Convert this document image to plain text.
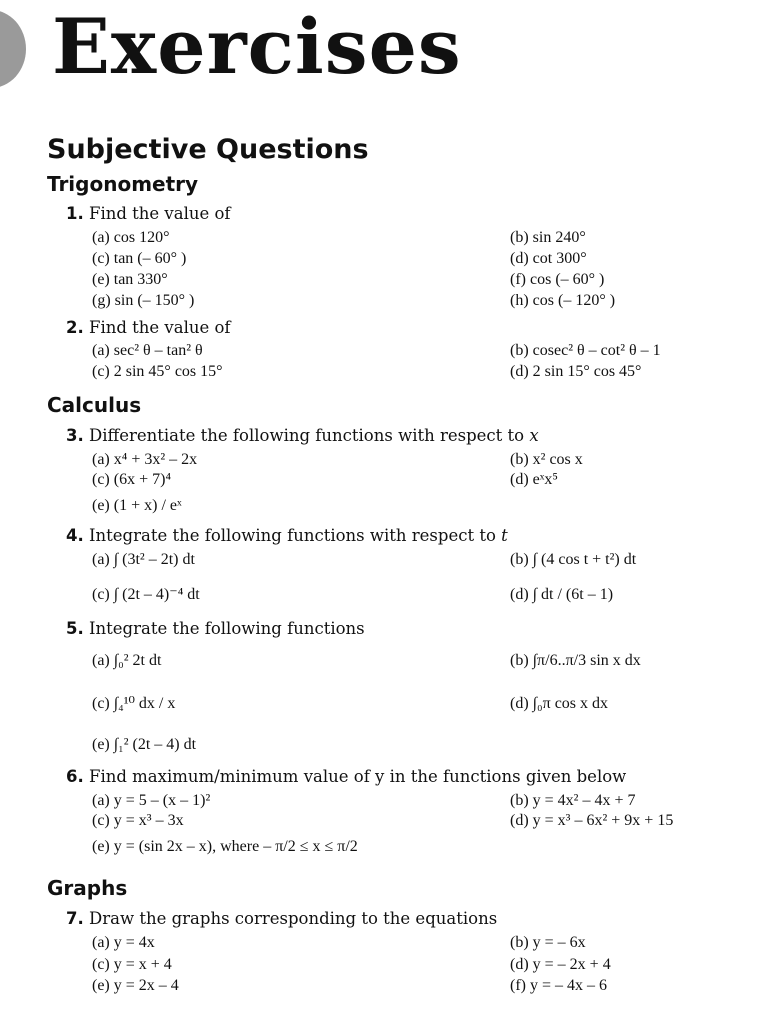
Exercises
Subjective Questions
Trigonometry
1. Find the value of
(a) cos 120°	(b) sin 240°
(c) tan (– 60° )	(d) cot 300°
(e) tan 330°	(f) cos (– 60° )
(g) sin (– 150° )	(h) cos (– 120° )
2. Find the value of
(a) sec² θ – tan² θ	(b) cosec² θ – cot² θ – 1
(c) 2 sin 45° cos 15°	(d) 2 sin 15° cos 45°
Calculus
3. Differentiate the following functions with respect to x
(a) x⁴ + 3x² – 2x	(b) x² cos x
(c) (6x + 7)⁴	(d) eˣx⁵
(e) (1 + x) / eˣ
4. Integrate the following functions with respect to t
(a) ∫ (3t² – 2t) dt	(b) ∫ (4 cos t + t²) dt
(c) ∫ (2t – 4)⁻⁴ dt	(d) ∫ dt / (6t – 1)
5. Integrate the following functions
(a) ∫₀² 2t dt	(b) ∫π/6..π/3 sin x dx
(c) ∫₄¹⁰ dx / x	(d) ∫₀π cos x dx
(e) ∫₁² (2t – 4) dt
6. Find maximum/minimum value of y in the functions given below
(a) y = 5 – (x – 1)²	(b) y = 4x² – 4x + 7
(c) y = x³ – 3x	(d) y = x³ – 6x² + 9x + 15
(e) y = (sin 2x – x), where – π/2 ≤ x ≤ π/2
Graphs
7. Draw the graphs corresponding to the equations
(a) y = 4x	(b) y = – 6x
(c) y = x + 4	(d) y = – 2x + 4
(e) y = 2x – 4	(f) y = – 4x – 6
